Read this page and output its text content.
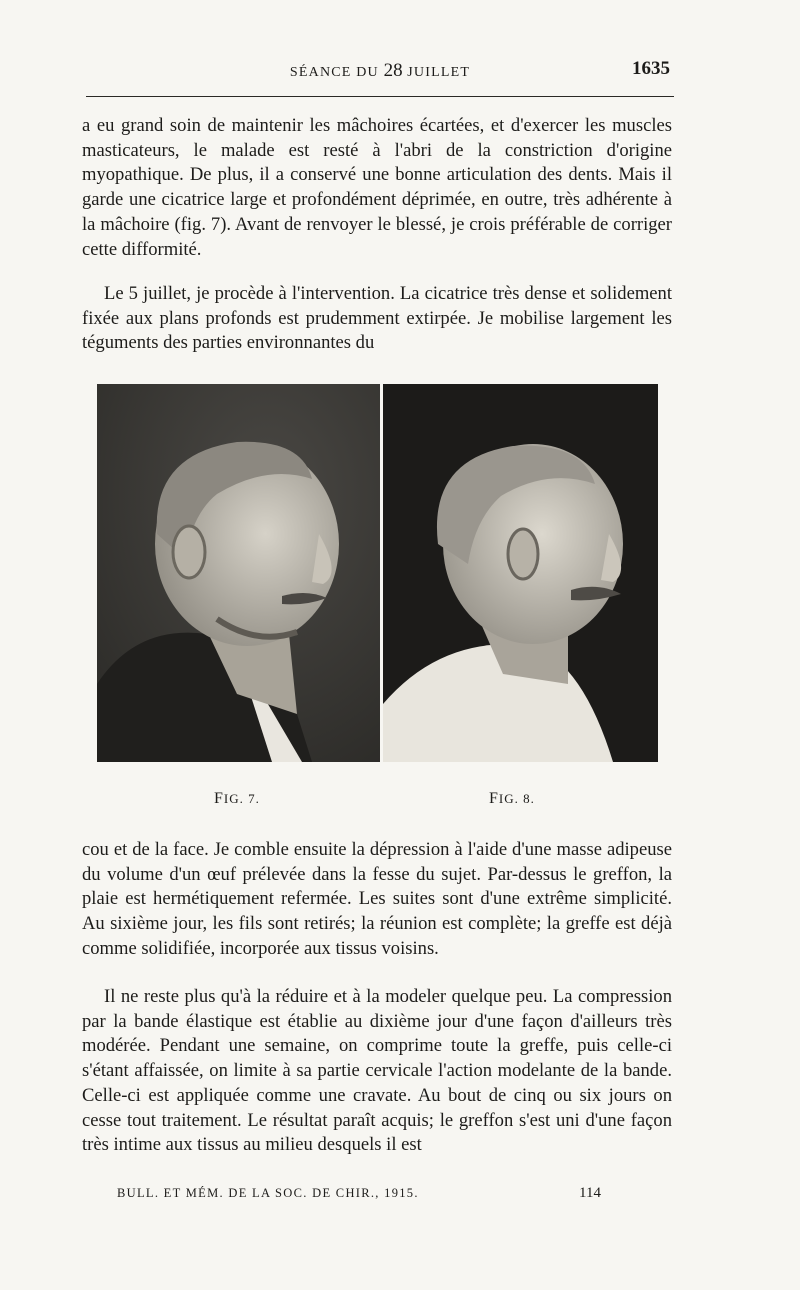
SÉANCE DU 28 JUILLET	1635

a eu grand soin de maintenir les mâchoires écartées, et d'exercer les muscles masticateurs, le malade est resté à l'abri de la constriction d'origine myopathique. De plus, il a conservé une bonne articulation des dents. Mais il garde une cicatrice large et profondément déprimée, en outre, très adhérente à la mâchoire (fig. 7). Avant de renvoyer le blessé, je crois préférable de corriger cette difformité.

Le 5 juillet, je procède à l'intervention. La cicatrice très dense et solidement fixée aux plans profonds est prudemment extirpée. Je mobilise largement les téguments des parties environnantes du

FIG. 7.	FIG. 8.

cou et de la face. Je comble ensuite la dépression à l'aide d'une masse adipeuse du volume d'un œuf prélevée dans la fesse du sujet. Par-dessus le greffon, la plaie est hermétiquement refermée. Les suites sont d'une extrême simplicité. Au sixième jour, les fils sont retirés; la réunion est complète; la greffe est déjà comme solidifiée, incorporée aux tissus voisins.

Il ne reste plus qu'à la réduire et à la modeler quelque peu. La compression par la bande élastique est établie au dixième jour d'une façon d'ailleurs très modérée. Pendant une semaine, on comprime toute la greffe, puis celle-ci s'étant affaissée, on limite à sa partie cervicale l'action modelante de la bande. Celle-ci est appliquée comme une cravate. Au bout de cinq ou six jours on cesse tout traitement. Le résultat paraît acquis; le greffon s'est uni d'une façon très intime aux tissus au milieu desquels il est

BULL. ET MÉM. DE LA SOC. DE CHIR., 1915.	114
